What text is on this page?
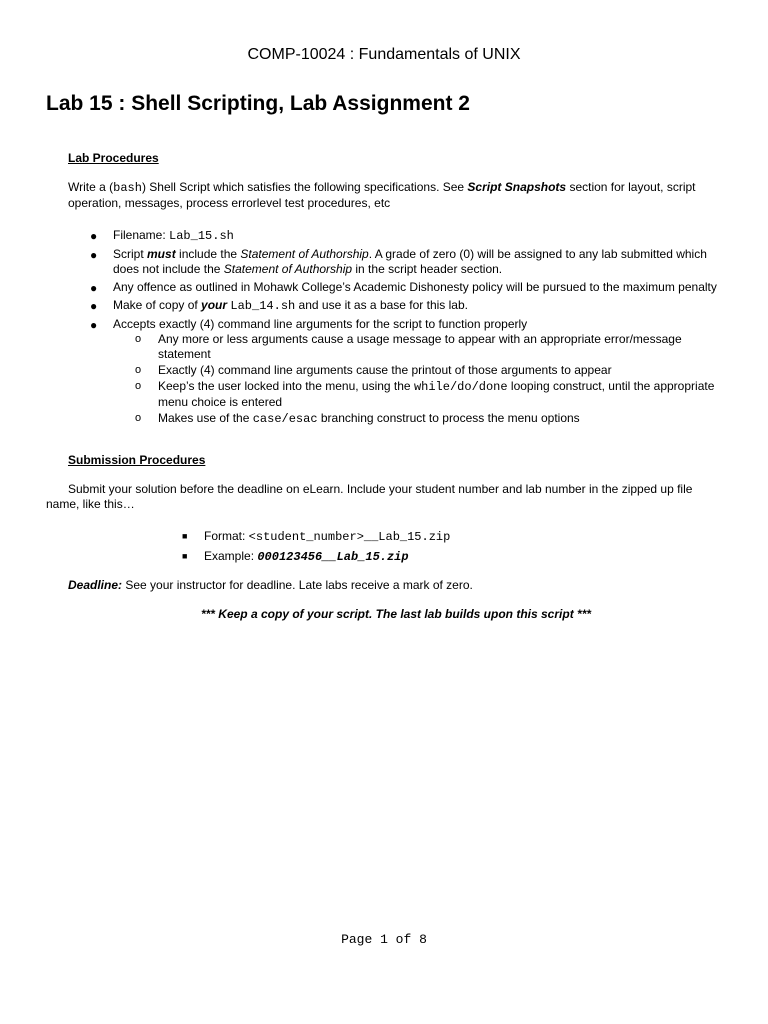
COMP-10024 : Fundamentals of UNIX
Lab 15 : Shell Scripting, Lab Assignment 2
Lab Procedures
Write a (bash) Shell Script which satisfies the following specifications. See Script Snapshots section for layout, script operation, messages, process errorlevel test procedures, etc
● Filename: Lab_15.sh
● Script must include the Statement of Authorship. A grade of zero (0) will be assigned to any lab submitted which does not include the Statement of Authorship in the script header section.
● Any offence as outlined in Mohawk College’s Academic Dishonesty policy will be pursued to the maximum penalty
● Make of copy of your Lab_14.sh and use it as a base for this lab.
● Accepts exactly (4) command line arguments for the script to function properly
o Any more or less arguments cause a usage message to appear with an appropriate error/message statement
o Exactly (4) command line arguments cause the printout of those arguments to appear
o Keep’s the user locked into the menu, using the while/do/done looping construct, until the appropriate menu choice is entered
o Makes use of the case/esac branching construct to process the menu options
Submission Procedures
Submit your solution before the deadline on eLearn. Include your student number and lab number in the zipped up file name, like this…
■ Format: <student_number>__Lab_15.zip
■ Example: 000123456__Lab_15.zip
Deadline: See your instructor for deadline. Late labs receive a mark of zero.
*** Keep a copy of your script. The last lab builds upon this script ***
Page 1 of 8
